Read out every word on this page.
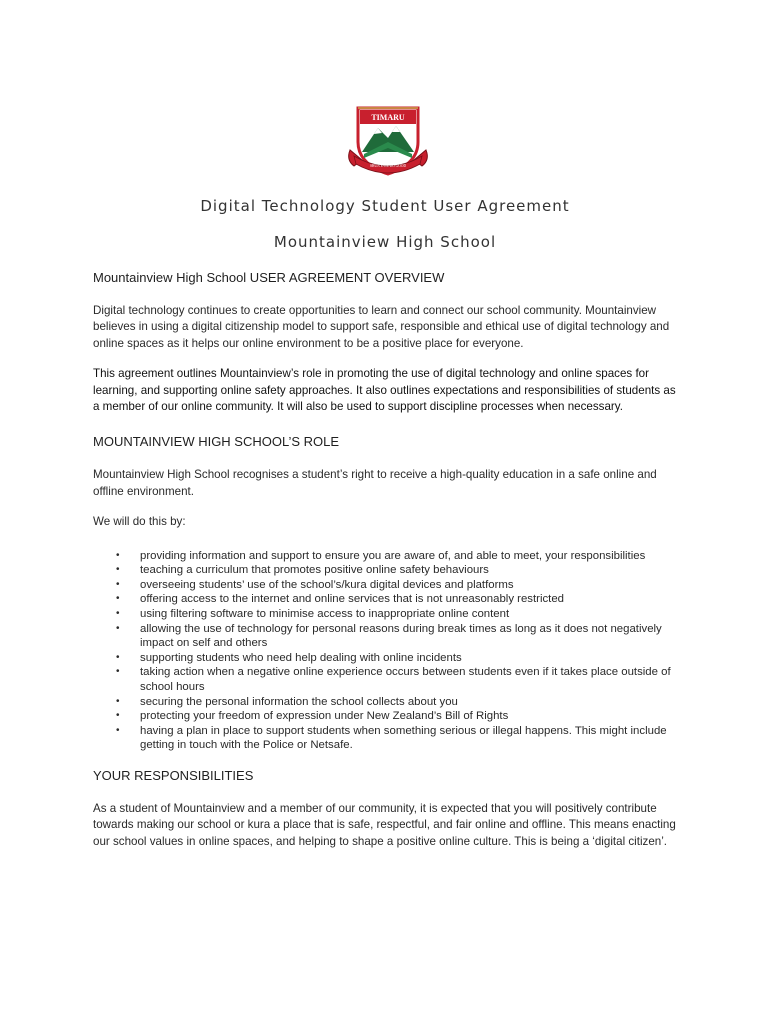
TIMARU
SHUN EVIL DO GOOD
Digital Technology Student User Agreement
Mountainview High School
Mountainview High School USER AGREEMENT OVERVIEW

Digital technology continues to create opportunities to learn and connect our school community. Mountainview believes in using a digital citizenship model to support safe, responsible and ethical use of digital technology and online spaces as it helps our online environment to be a positive place for everyone.

This agreement outlines Mountainview’s role in promoting the use of digital technology and online spaces for learning, and supporting online safety approaches. It also outlines expectations and responsibilities of students as a member of our online community. It will also be used to support discipline processes when necessary.

MOUNTAINVIEW HIGH SCHOOL’S ROLE

Mountainview High School recognises a student’s right to receive a high-quality education in a safe online and offline environment.

We will do this by:

• providing information and support to ensure you are aware of, and able to meet, your responsibilities
• teaching a curriculum that promotes positive online safety behaviours
• overseeing students’ use of the school’s/kura digital devices and platforms
• offering access to the internet and online services that is not unreasonably restricted
• using filtering software to minimise access to inappropriate online content
• allowing the use of technology for personal reasons during break times as long as it does not negatively impact on self and others
• supporting students who need help dealing with online incidents
• taking action when a negative online experience occurs between students even if it takes place outside of school hours
• securing the personal information the school collects about you
• protecting your freedom of expression under New Zealand’s Bill of Rights
• having a plan in place to support students when something serious or illegal happens. This might include getting in touch with the Police or Netsafe.
YOUR RESPONSIBILITIES

As a student of Mountainview and a member of our community, it is expected that you will positively contribute towards making our school or kura a place that is safe, respectful, and fair online and offline. This means enacting our school values in online spaces, and helping to shape a positive online culture. This is being a ‘digital citizen’.
